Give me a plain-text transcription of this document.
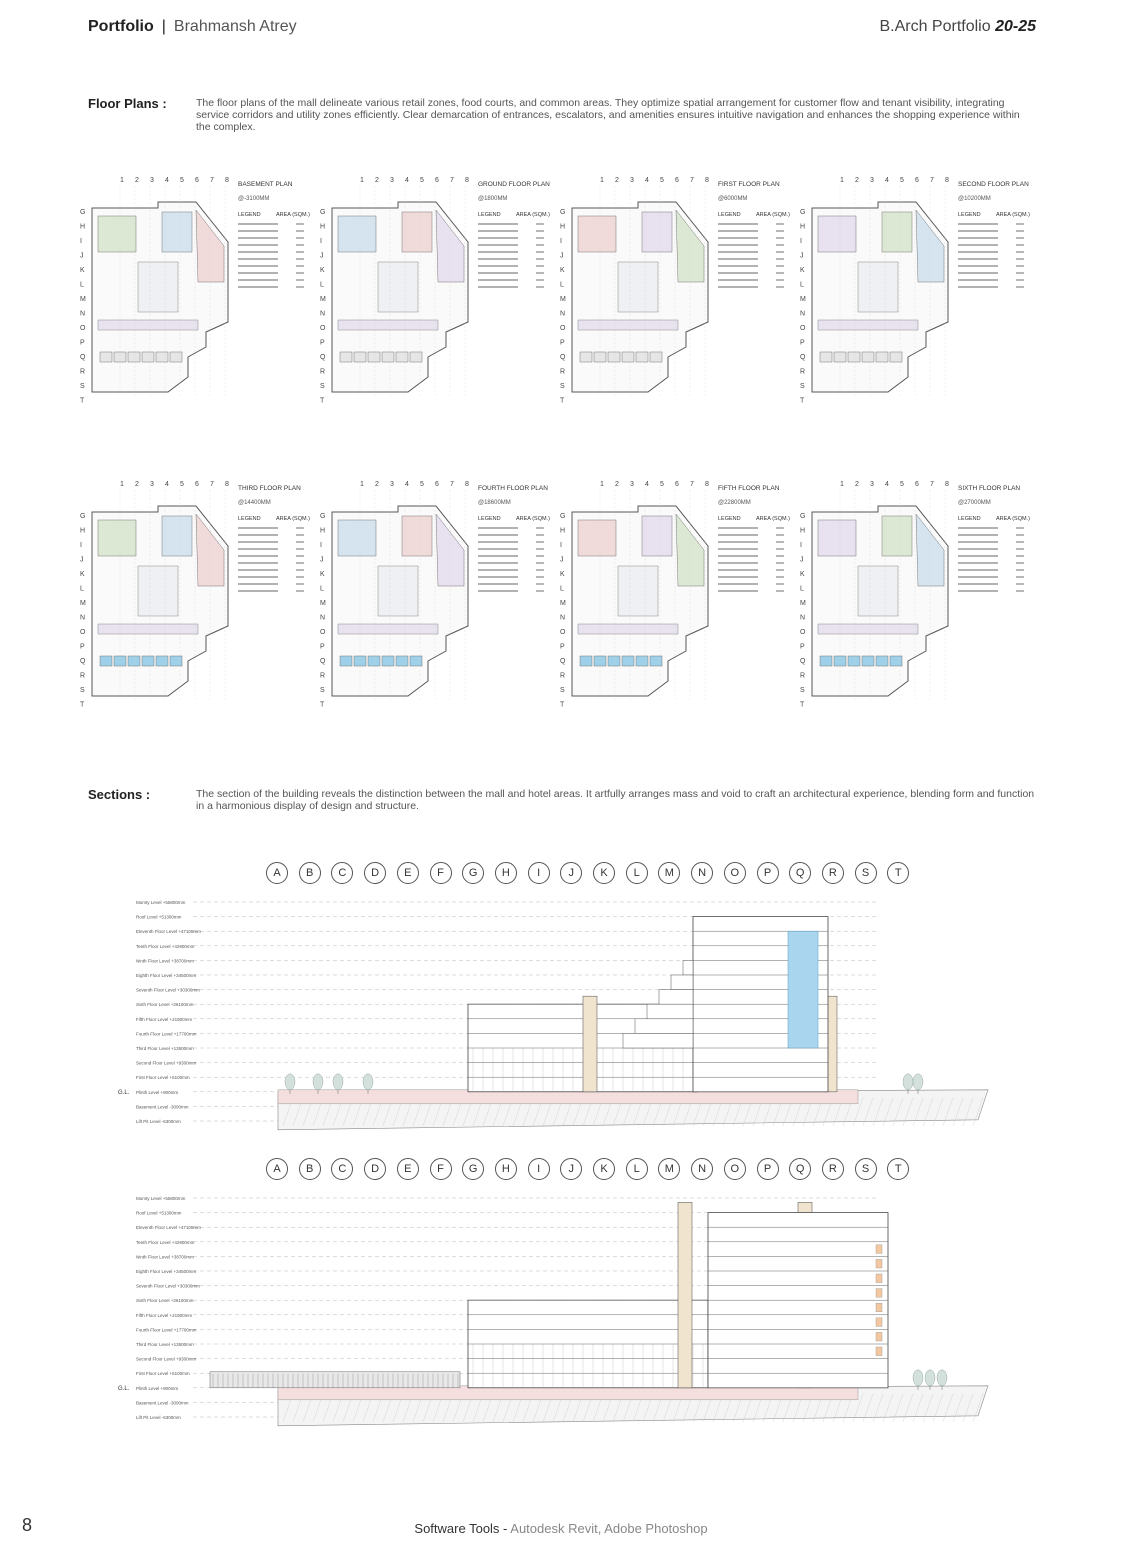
Portfolio | Brahmansh Atrey	B.Arch Portfolio 20-25
Floor Plans :	The floor plans of the mall delineate various retail zones, food courts, and common areas. They optimize spatial arrangement for customer flow and tenant visibility, integrating service corridors and utility zones efficiently. Clear demarcation of entrances, escalators, and amenities ensures intuitive navigation and enhances the shopping experience within the complex.
1 2 3 4 5 6 7 8
G
H
I
J
K
L
M
N
O
P
Q
R
S
T
BASEMENT PLAN
@-3100MM
LEGEND	AREA (SQM.)
1 2 3 4 5 6 7 8
G
H
I
J
K
L
M
N
O
P
Q
R
S
T
GROUND FLOOR PLAN
@1800MM
LEGEND	AREA (SQM.)
1 2 3 4 5 6 7 8
G
H
I
J
K
L
M
N
O
P
Q
R
S
T
FIRST FLOOR PLAN
@6000MM
LEGEND	AREA (SQM.)
1 2 3 4 5 6 7 8
G
H
I
J
K
L
M
N
O
P
Q
R
S
T
SECOND FLOOR PLAN
@10200MM
LEGEND	AREA (SQM.)
1 2 3 4 5 6 7 8
G
H
I
J
K
L
M
N
O
P
Q
R
S
T
THIRD FLOOR PLAN
@14400MM
LEGEND	AREA (SQM.)
1 2 3 4 5 6 7 8
G
H
I
J
K
L
M
N
O
P
Q
R
S
T
FOURTH FLOOR PLAN
@18600MM
LEGEND	AREA (SQM.)
1 2 3 4 5 6 7 8
G
H
I
J
K
L
M
N
O
P
Q
R
S
T
FIFTH FLOOR PLAN
@22800MM
LEGEND	AREA (SQM.)
1 2 3 4 5 6 7 8
G
H
I
J
K
L
M
N
O
P
Q
R
S
T
SIXTH FLOOR PLAN
@27000MM
LEGEND	AREA (SQM.)
Sections :	The section of the building reveals the distinction between the mall and hotel areas. It artfully arranges mass and void to craft an architectural experience, blending form and function in a harmonious display of design and structure.
A	B	C	D	E	F	G	H	I	J	K	L	M	N	O	P	Q	R	S	T
Mumty Level +55800mm
Roof Level +51300mm
Eleventh Floor Level +47100mm
Tenth Floor Level +42900mm
Ninth Floor Level +38700mm
Eighth Floor Level +34500mm
Seventh Floor Level +30300mm
Sixth Floor Level +26100mm
Fifth Floor Level +21900mm
Fourth Floor Level +17700mm
Third Floor Level +13500mm
Second Floor Level +9300mm
First Floor Level +5100mm
Plinth Level +900mm
Basement Level -3000mm
Lift Pit Level -6300mm
G.L.
A	B	C	D	E	F	G	H	I	J	K	L	M	N	O	P	Q	R	S	T
Mumty Level +55800mm
Roof Level +51300mm
Eleventh Floor Level +47100mm
Tenth Floor Level +42900mm
Ninth Floor Level +38700mm
Eighth Floor Level +34500mm
Seventh Floor Level +30300mm
Sixth Floor Level +26100mm
Fifth Floor Level +21900mm
Fourth Floor Level +17700mm
Third Floor Level +13500mm
Second Floor Level +9300mm
First Floor Level +5100mm
Plinth Level +900mm
Basement Level -3000mm
Lift Pit Level -6300mm
G.L.
8	Software Tools - Autodesk Revit, Adobe Photoshop
